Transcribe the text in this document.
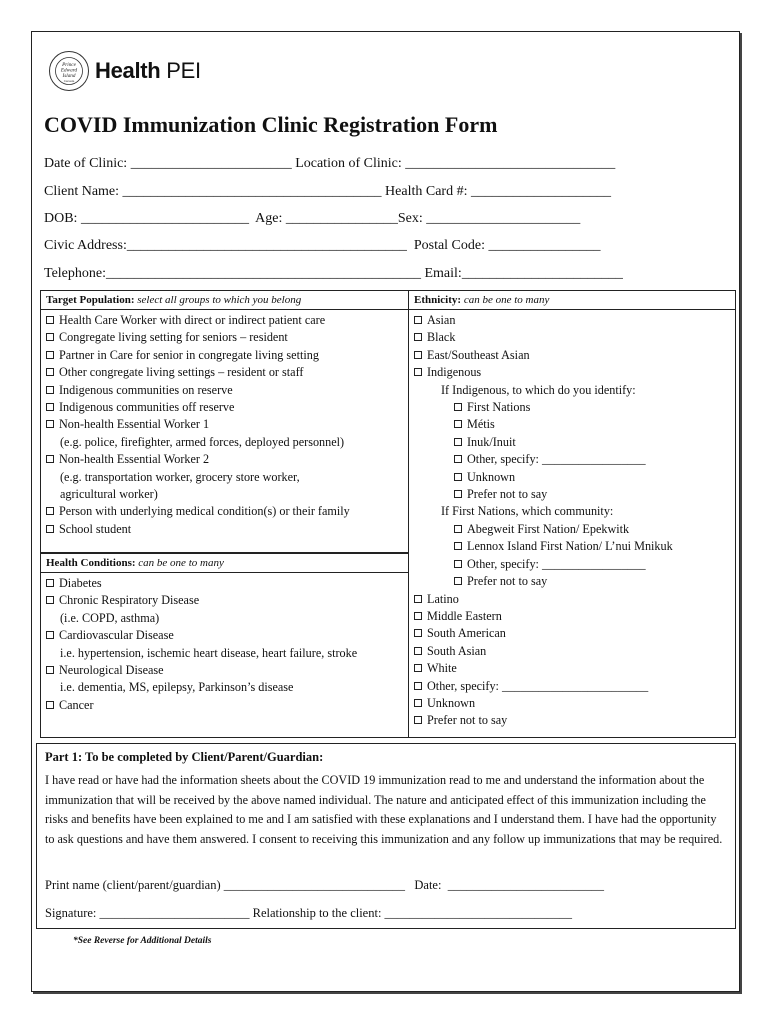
Prince
Edward
Island
Canada Health PEI
COVID Immunization Clinic Registration Form
Date of Clinic: _______________________ Location of Clinic: ______________________________
Client Name: _____________________________________ Health Card #: ____________________
DOB: ________________________  Age: ________________Sex: ______________________
Civic Address:________________________________________  Postal Code: ________________
Telephone:_____________________________________________ Email:_______________________
Target Population: select all groups to which you belong
Health Care Worker with direct or indirect patient care
Congregate living setting for seniors – resident
Partner in Care for senior in congregate living setting
Other congregate living settings – resident or staff
Indigenous communities on reserve
Indigenous communities off reserve
Non-health Essential Worker 1
(e.g. police, firefighter, armed forces, deployed personnel)
Non-health Essential Worker 2
(e.g. transportation worker, grocery store worker,
agricultural worker)
Person with underlying medical condition(s) or their family
School student
Health Conditions: can be one to many
Diabetes
Chronic Respiratory Disease
(i.e. COPD, asthma)
Cardiovascular Disease
i.e. hypertension, ischemic heart disease, heart failure, stroke
Neurological Disease
i.e. dementia, MS, epilepsy, Parkinson’s disease
Cancer
Ethnicity: can be one to many
Asian
Black
East/Southeast Asian
Indigenous
If Indigenous, to which do you identify:
First Nations
Métis
Inuk/Inuit
Other, specify: _________________
Unknown
Prefer not to say
If First Nations, which community:
Abegweit First Nation/ Epekwitk
Lennox Island First Nation/ L’nui Mnikuk
Other, specify: _________________
Prefer not to say
Latino
Middle Eastern
South American
South Asian
White
Other, specify: ________________________
Unknown
Prefer not to say

Part 1: To be completed by Client/Parent/Guardian:

I have read or have had the information sheets about the COVID 19 immunization read to me and understand the information about the immunization that will be received by the above named individual. The nature and anticipated effect of this immunization including the risks and benefits have been explained to me and I am satisfied with these explanations and I understand them. I have had the opportunity to ask questions and have them answered. I consent to receiving this immunization and any follow up immunizations that may be required.

Print name (client/parent/guardian) _____________________________   Date:  _________________________
Signature: ________________________ Relationship to the client: ______________________________
*See Reverse for Additional Details
